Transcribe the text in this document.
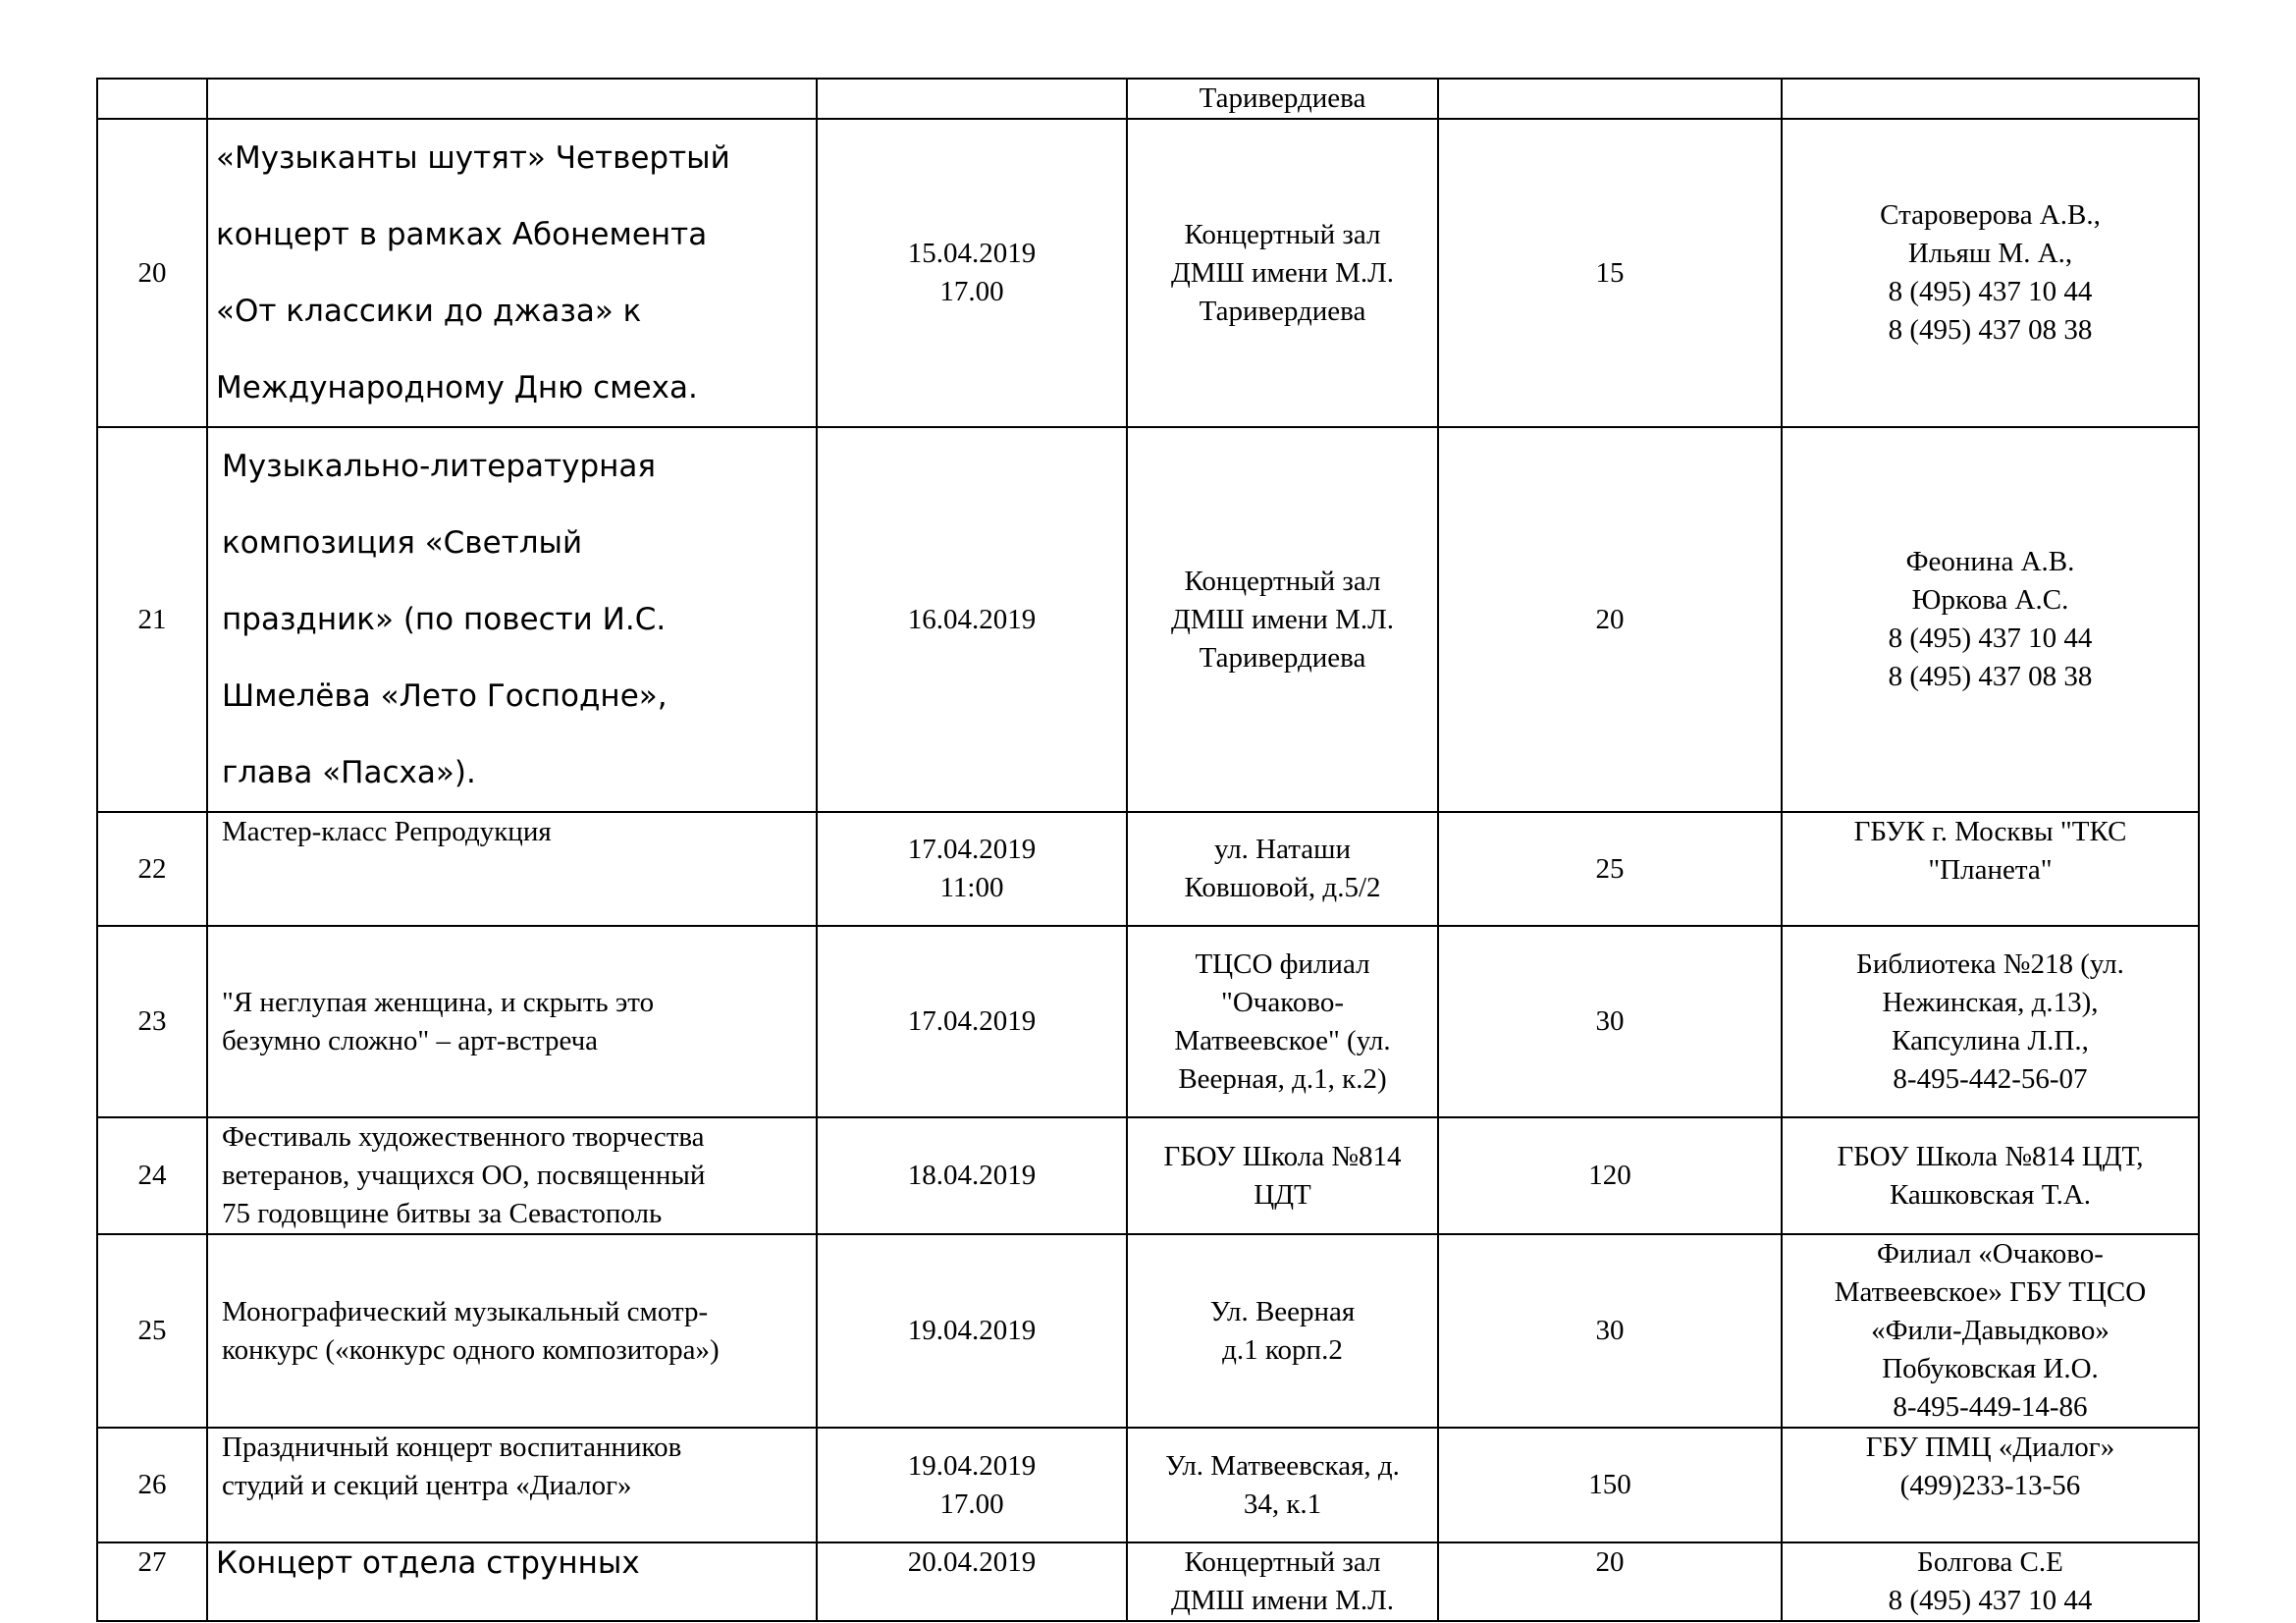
			Таривердиева		

20	«Музыканты шутят» Четвертый
концерт в рамках Абонемента
«От классики до джаза» к
Международному Дню смеха.	15.04.2019
17.00	Концертный зал
ДМШ имени М.Л.
Таривердиева	15	Староверова А.В.,
Ильяш М. А.,
8 (495) 437 10 44
8 (495) 437 08 38

21	Музыкально-литературная
композиция «Светлый
праздник» (по повести И.С.
Шмелёва «Лето Господне»,
глава «Пасха»).	16.04.2019	Концертный зал
ДМШ имени М.Л.
Таривердиева	20	Феонина А.В.
Юркова А.С.
8 (495) 437 10 44
8 (495) 437 08 38

22	Мастер-класс Репродукция	17.04.2019
11:00	ул. Наташи
Ковшовой, д.5/2	25	ГБУК г. Москвы "ТКС
"Планета"

23	"Я неглупая женщина, и скрыть это
безумно сложно" – арт-встреча	17.04.2019	ТЦСО филиал
"Очаково-
Матвеевское" (ул.
Веерная, д.1, к.2)	30	Библиотека №218 (ул.
Нежинская, д.13),
Капсулина Л.П.,
8-495-442-56-07

24	Фестиваль художественного творчества
ветеранов, учащихся ОО, посвященный
75 годовщине битвы за Севастополь	18.04.2019	ГБОУ Школа №814
ЦДТ	120	ГБОУ Школа №814 ЦДТ,
Кашковская Т.А.

25	Монографический музыкальный смотр-
конкурс («конкурс одного композитора»)	19.04.2019	Ул. Веерная
д.1 корп.2	30	Филиал «Очаково-
Матвеевское» ГБУ ТЦСО
«Фили-Давыдково»
Побуковская И.О.
8-495-449-14-86

26	Праздничный концерт воспитанников
студий и секций центра «Диалог»	19.04.2019
17.00	Ул. Матвеевская, д.
34, к.1	150	ГБУ ПМЦ «Диалог»
(499)233-13-56

27	Концерт отдела струнных	20.04.2019	Концертный зал
ДМШ имени М.Л.	20	Болгова С.Е
8 (495) 437 10 44
